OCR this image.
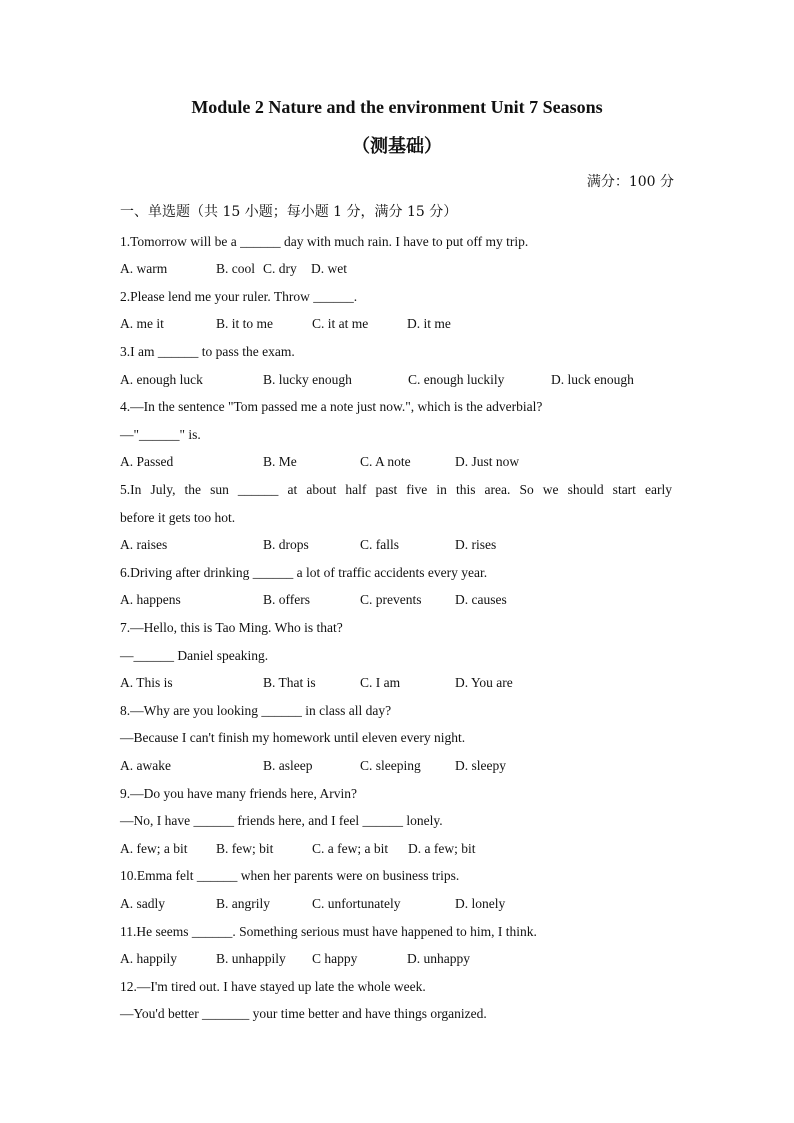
Module 2 Nature and the environment Unit 7 Seasons
（测基础）
满分：100 分
一、单选题（共 15 小题；每小题 1 分，满分 15 分）
1.Tomorrow will be a ______ day with much rain. I have to put off my trip.
A. warm	B. cool C. dry D. wet
2.Please lend me your ruler. Throw ______.
A. me it	B. it to me	C. it at me	D. it me
3.I am ______ to pass the exam.
A. enough luck	B. lucky enough	C. enough luckily	D. luck enough
4.—In the sentence "Tom passed me a note just now.", which is the adverbial?
—"______" is.
A. Passed	B. Me	C. A note	D. Just now
5.In July, the sun ______ at about half past five in this area. So we should start early
before it gets too hot.
A. raises	B. drops	C. falls	D. rises
6.Driving after drinking ______ a lot of traffic accidents every year.
A. happens	B. offers	C. prevents D. causes
7.—Hello, this is Tao Ming. Who is that?
—______ Daniel speaking.
A. This is	B. That is	C. I am	D. You are
8.—Why are you looking ______ in class all day?
—Because I can't finish my homework until eleven every night.
A. awake	B. asleep	C. sleeping	D. sleepy
9.—Do you have many friends here, Arvin?
—No, I have ______ friends here, and I feel ______ lonely.
A. few; a bit B. few; bit	C. a few; a bit D. a few; bit
10.Emma felt ______ when her parents were on business trips.
A. sadly	B. angrily	C. unfortunately	D. lonely
11.He seems ______. Something serious must have happened to him, I think.
A. happily	B. unhappily C happy	D. unhappy
12.—I'm tired out. I have stayed up late the whole week.
—You'd better _______ your time better and have things organized.
